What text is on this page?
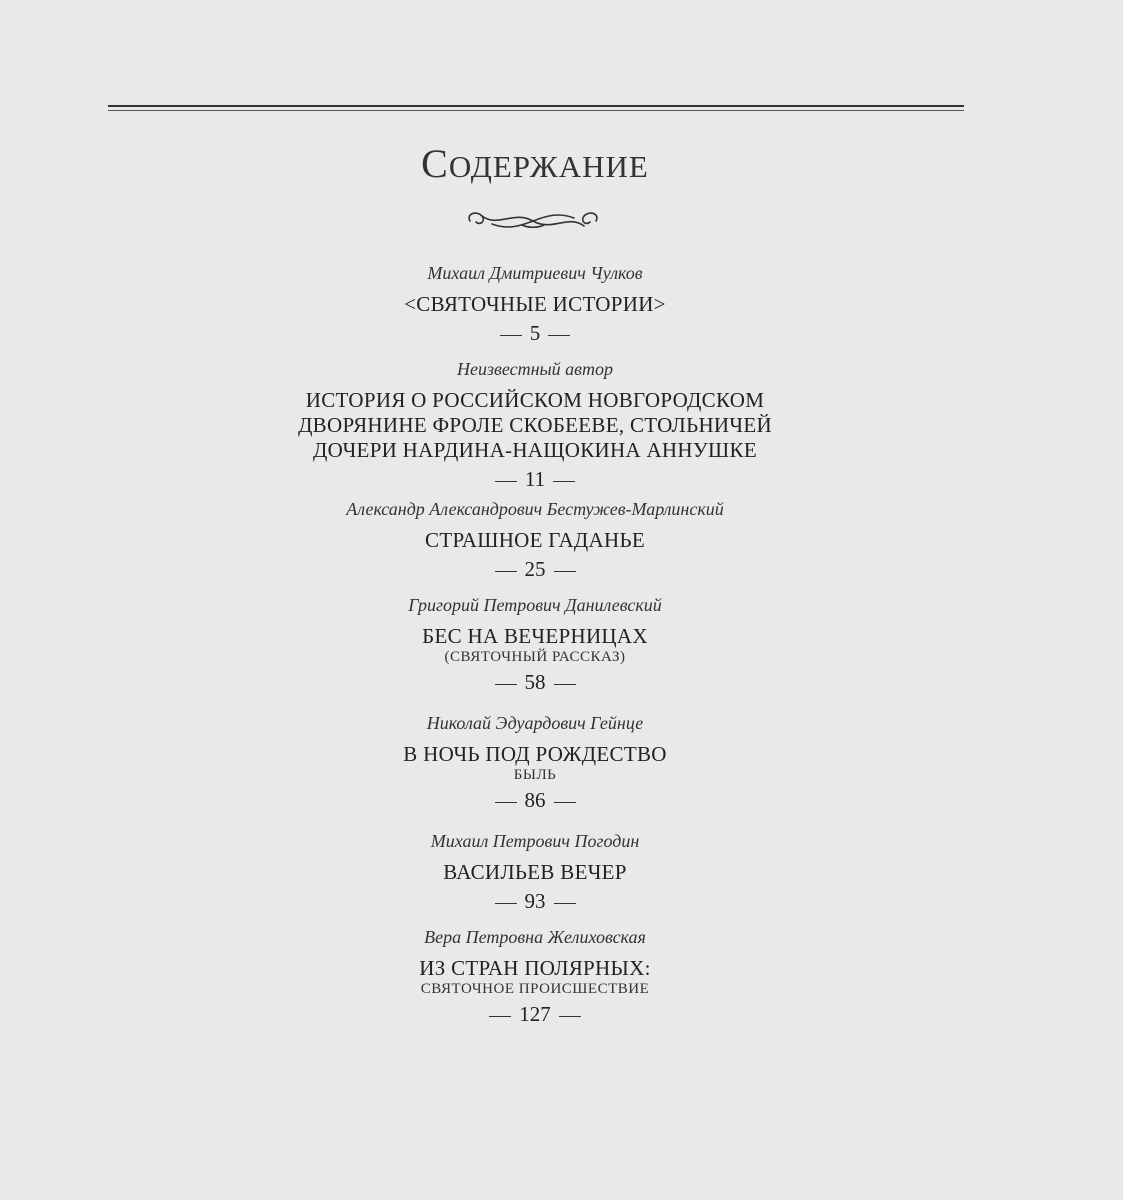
СОДЕРЖАНИЕ
Михаил Дмитриевич Чулков
<СВЯТОЧНЫЕ ИСТОРИИ>
5
Неизвестный автор
ИСТОРИЯ О РОССИЙСКОМ НОВГОРОДСКОМ
ДВОРЯНИНЕ ФРОЛЕ СКОБЕЕВЕ, СТОЛЬНИЧЕЙ
ДОЧЕРИ НАРДИНА-НАЩОКИНА АННУШКЕ
11
Александр Александрович Бестужев-Марлинский
СТРАШНОЕ ГАДАНЬЕ
25
Григорий Петрович Данилевский
БЕС НА ВЕЧЕРНИЦАХ
(СВЯТОЧНЫЙ РАССКАЗ)
58
Николай Эдуардович Гейнце
В НОЧЬ ПОД РОЖДЕСТВО
БЫЛЬ
86
Михаил Петрович Погодин
ВАСИЛЬЕВ ВЕЧЕР
93
Вера Петровна Желиховская
ИЗ СТРАН ПОЛЯРНЫХ:
СВЯТОЧНОЕ ПРОИСШЕСТВИЕ
127
